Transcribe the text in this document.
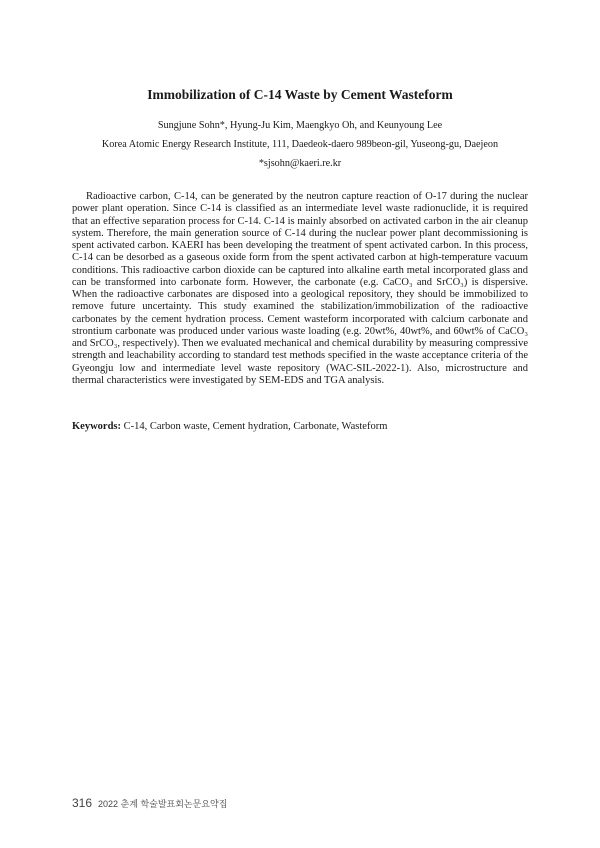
Immobilization of C-14 Waste by Cement Wasteform

Sungjune Sohn*, Hyung-Ju Kim, Maengkyo Oh, and Keunyoung Lee

Korea Atomic Energy Research Institute, 111, Daedeok-daero 989beon-gil, Yuseong-gu, Daejeon

*sjsohn@kaeri.re.kr

Radioactive carbon, C-14, can be generated by the neutron capture reaction of O-17 during the nuclear power plant operation. Since C-14 is classified as an intermediate level waste radionuclide, it is required that an effective separation process for C-14. C-14 is mainly absorbed on activated carbon in the air cleanup system. Therefore, the main generation source of C-14 during the nuclear power plant decommissioning is spent activated carbon. KAERI has been developing the treatment of spent activated carbon. In this process, C-14 can be desorbed as a gaseous oxide form from the spent activated carbon at high-temperature vacuum conditions. This radioactive carbon dioxide can be captured into alkaline earth metal incorporated glass and can be transformed into carbonate form. However, the carbonate (e.g. CaCO₃ and SrCO₃) is dispersive. When the radioactive carbonates are disposed into a geological repository, they should be immobilized to remove future uncertainty. This study examined the stabilization/immobilization of the radioactive carbonates by the cement hydration process. Cement wasteform incorporated with calcium carbonate and strontium carbonate was produced under various waste loading (e.g. 20wt%, 40wt%, and 60wt% of CaCO₃ and SrCO₃, respectively). Then we evaluated mechanical and chemical durability by measuring compressive strength and leachability according to standard test methods specified in the waste acceptance criteria of the Gyeongju low and intermediate level waste repository (WAC-SIL-2022-1). Also, microstructure and thermal characteristics were investigated by SEM-EDS and TGA analysis.

Keywords: C-14, Carbon waste, Cement hydration, Carbonate, Wasteform

316 2022 춘계 학술발표회논문요약집
